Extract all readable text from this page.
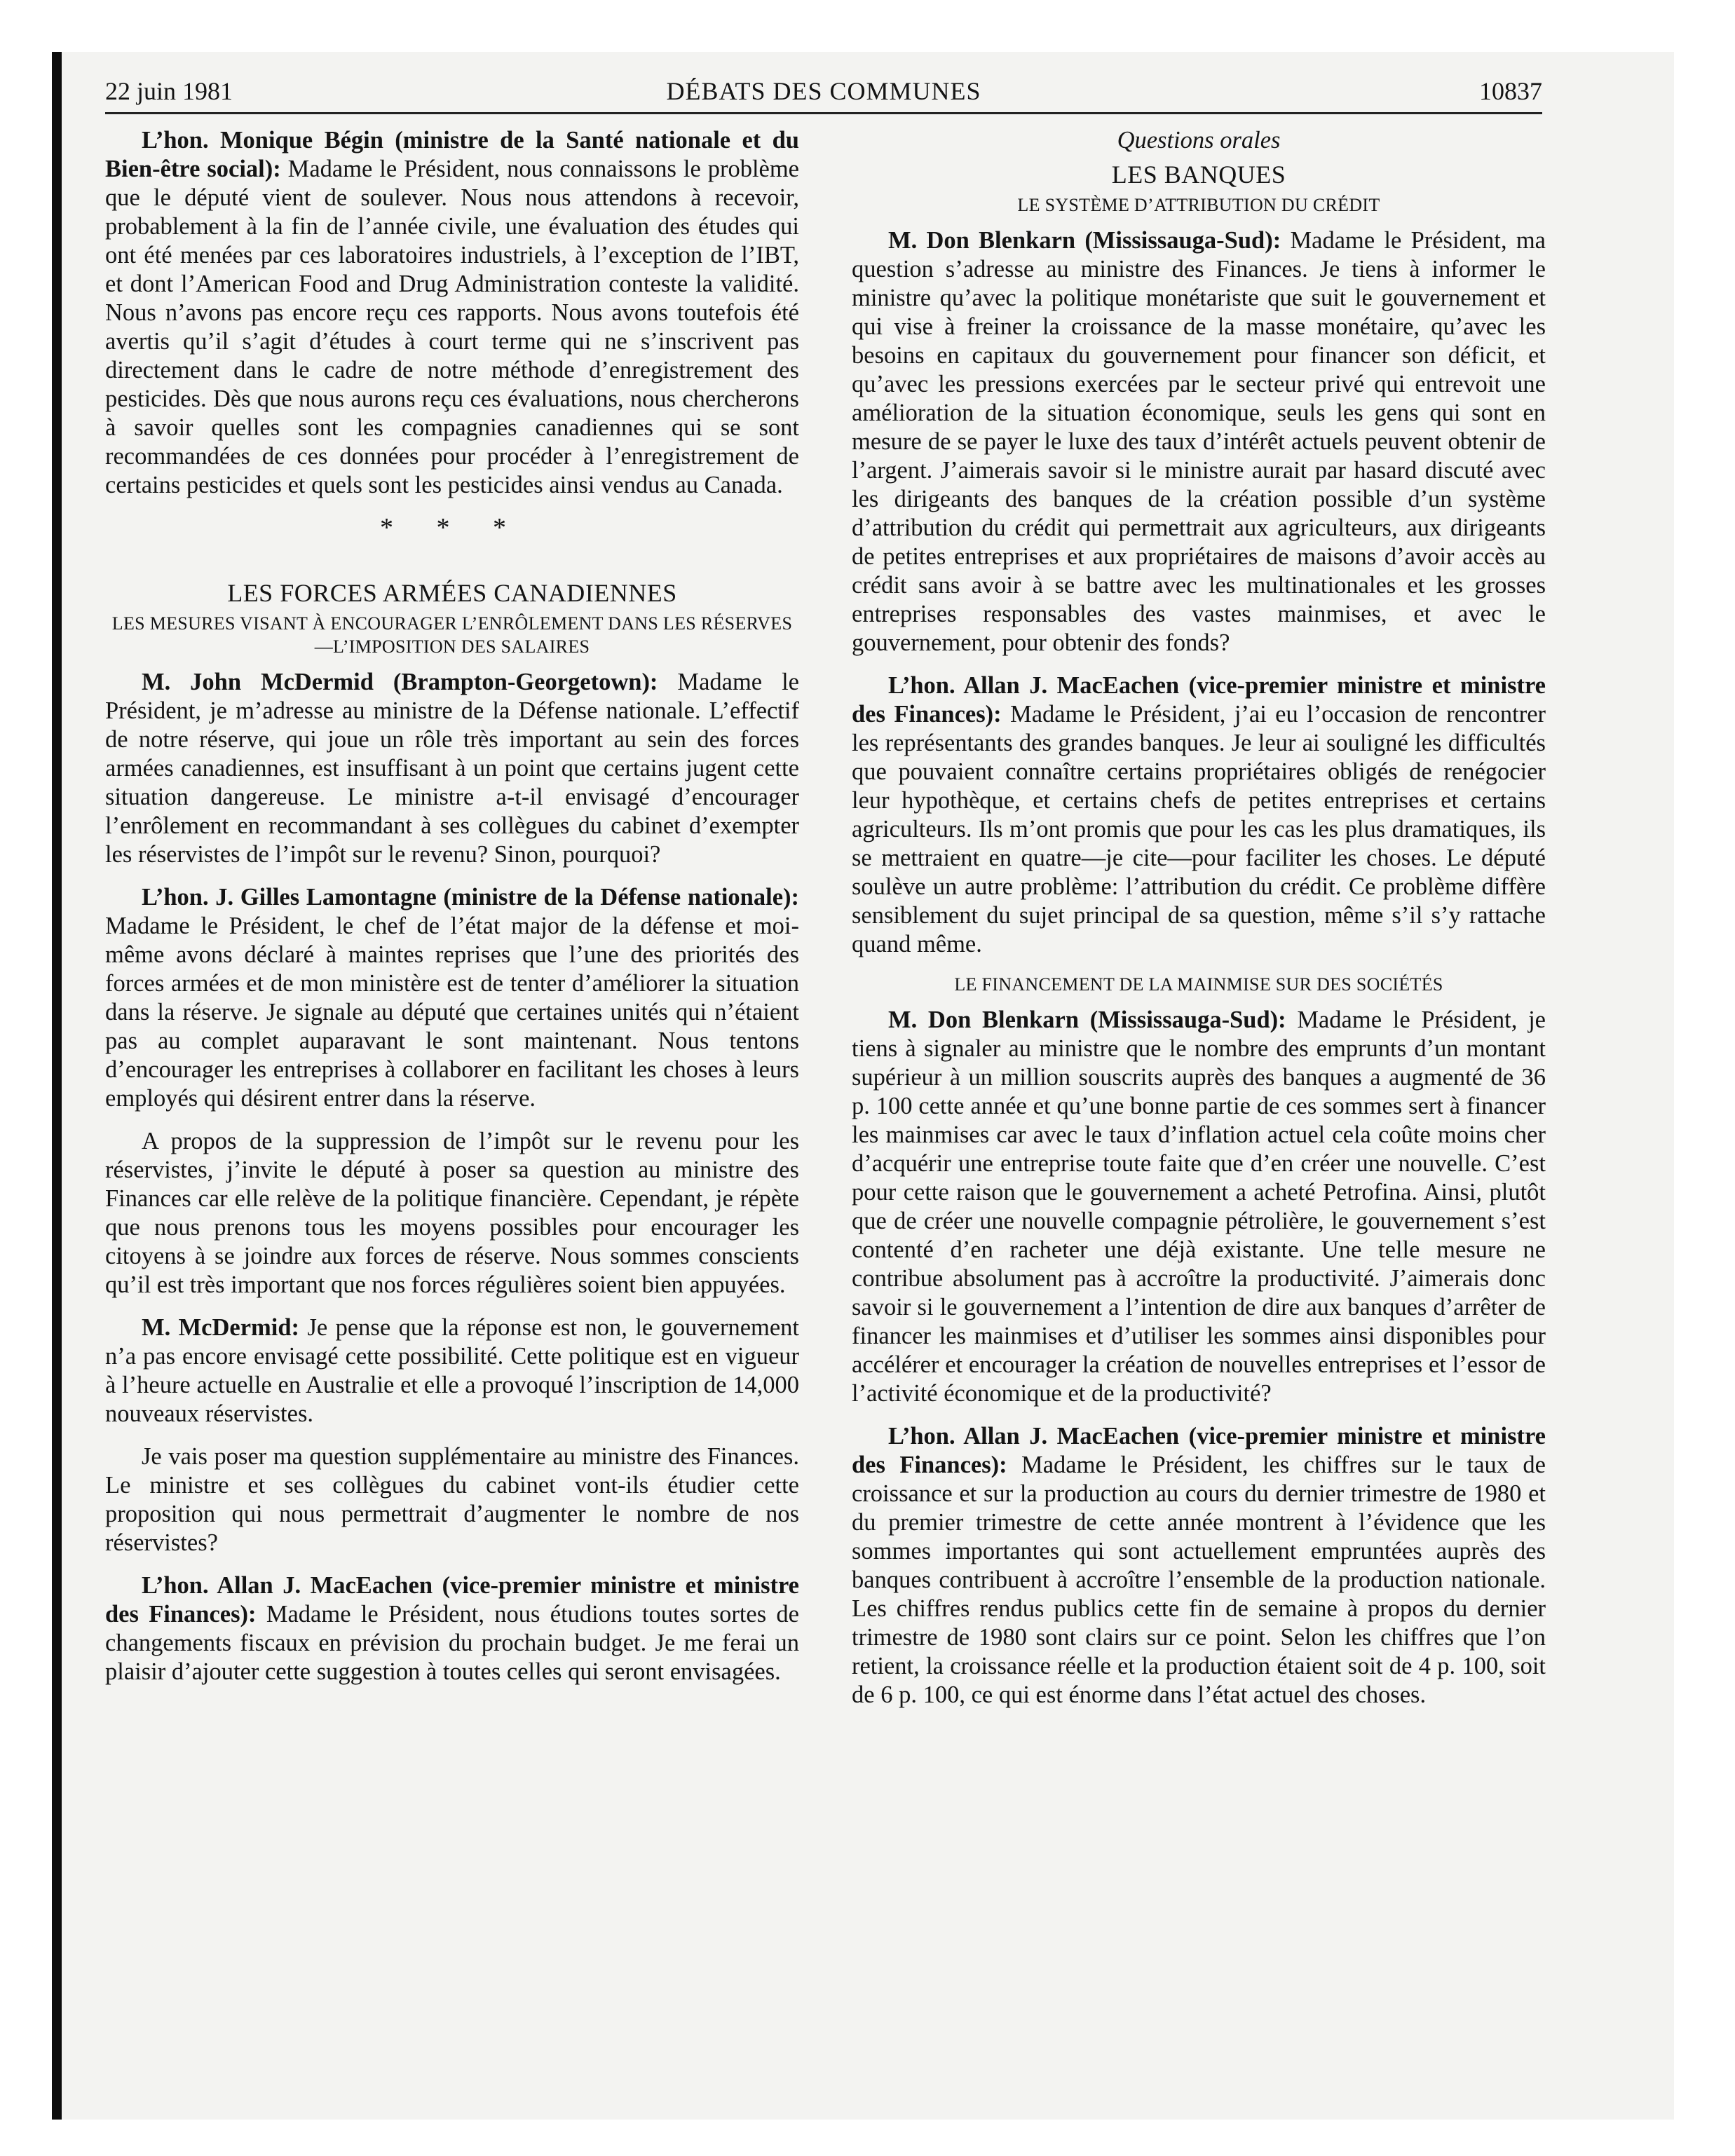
DÉBATS DES COMMUNES
22 juin 1981	10837

L’hon. Monique Bégin (ministre de la Santé nationale et du Bien-être social): Madame le Président, nous connaissons le problème que le député vient de soulever. Nous nous attendons à recevoir, probablement à la fin de l’année civile, une évaluation des études qui ont été menées par ces laboratoires industriels, à l’exception de l’IBT, et dont l’American Food and Drug Administration conteste la validité. Nous n’avons pas encore reçu ces rapports. Nous avons toutefois été avertis qu’il s’agit d’études à court terme qui ne s’inscrivent pas directement dans le cadre de notre méthode d’enregistrement des pesticides. Dès que nous aurons reçu ces évaluations, nous chercherons à savoir quelles sont les compagnies canadiennes qui se sont recommandées de ces données pour procéder à l’enregistrement de certains pesticides et quels sont les pesticides ainsi vendus au Canada.

* * *
LES FORCES ARMÉES CANADIENNES
LES MESURES VISANT À ENCOURAGER L’ENRÔLEMENT DANS LES RÉSERVES—L’IMPOSITION DES SALAIRES

M. John McDermid (Brampton-Georgetown): Madame le Président, je m’adresse au ministre de la Défense nationale. L’effectif de notre réserve, qui joue un rôle très important au sein des forces armées canadiennes, est insuffisant à un point que certains jugent cette situation dangereuse. Le ministre a-t-il envisagé d’encourager l’enrôlement en recommandant à ses collègues du cabinet d’exempter les réservistes de l’impôt sur le revenu? Sinon, pourquoi?

L’hon. J. Gilles Lamontagne (ministre de la Défense nationale): Madame le Président, le chef de l’état major de la défense et moi-même avons déclaré à maintes reprises que l’une des priorités des forces armées et de mon ministère est de tenter d’améliorer la situation dans la réserve. Je signale au député que certaines unités qui n’étaient pas au complet auparavant le sont maintenant. Nous tentons d’encourager les entreprises à collaborer en facilitant les choses à leurs employés qui désirent entrer dans la réserve.

A propos de la suppression de l’impôt sur le revenu pour les réservistes, j’invite le député à poser sa question au ministre des Finances car elle relève de la politique financière. Cependant, je répète que nous prenons tous les moyens possibles pour encourager les citoyens à se joindre aux forces de réserve. Nous sommes conscients qu’il est très important que nos forces régulières soient bien appuyées.

M. McDermid: Je pense que la réponse est non, le gouvernement n’a pas encore envisagé cette possibilité. Cette politique est en vigueur à l’heure actuelle en Australie et elle a provoqué l’inscription de 14,000 nouveaux réservistes.

Je vais poser ma question supplémentaire au ministre des Finances. Le ministre et ses collègues du cabinet vont-ils étudier cette proposition qui nous permettrait d’augmenter le nombre de nos réservistes?

L’hon. Allan J. MacEachen (vice-premier ministre et ministre des Finances): Madame le Président, nous étudions toutes sortes de changements fiscaux en prévision du prochain budget. Je me ferai un plaisir d’ajouter cette suggestion à toutes celles qui seront envisagées.

Questions orales
LES BANQUES
LE SYSTÈME D’ATTRIBUTION DU CRÉDIT

M. Don Blenkarn (Mississauga-Sud): Madame le Président, ma question s’adresse au ministre des Finances. Je tiens à informer le ministre qu’avec la politique monétariste que suit le gouvernement et qui vise à freiner la croissance de la masse monétaire, qu’avec les besoins en capitaux du gouvernement pour financer son déficit, et qu’avec les pressions exercées par le secteur privé qui entrevoit une amélioration de la situation économique, seuls les gens qui sont en mesure de se payer le luxe des taux d’intérêt actuels peuvent obtenir de l’argent. J’aimerais savoir si le ministre aurait par hasard discuté avec les dirigeants des banques de la création possible d’un système d’attribution du crédit qui permettrait aux agriculteurs, aux dirigeants de petites entreprises et aux propriétaires de maisons d’avoir accès au crédit sans avoir à se battre avec les multinationales et les grosses entreprises responsables des vastes mainmises, et avec le gouvernement, pour obtenir des fonds?

L’hon. Allan J. MacEachen (vice-premier ministre et ministre des Finances): Madame le Président, j’ai eu l’occasion de rencontrer les représentants des grandes banques. Je leur ai souligné les difficultés que pouvaient connaître certains propriétaires obligés de renégocier leur hypothèque, et certains chefs de petites entreprises et certains agriculteurs. Ils m’ont promis que pour les cas les plus dramatiques, ils se mettraient en quatre—je cite—pour faciliter les choses. Le député soulève un autre problème: l’attribution du crédit. Ce problème diffère sensiblement du sujet principal de sa question, même s’il s’y rattache quand même.

LE FINANCEMENT DE LA MAINMISE SUR DES SOCIÉTÉS

M. Don Blenkarn (Mississauga-Sud): Madame le Président, je tiens à signaler au ministre que le nombre des emprunts d’un montant supérieur à un million souscrits auprès des banques a augmenté de 36 p. 100 cette année et qu’une bonne partie de ces sommes sert à financer les mainmises car avec le taux d’inflation actuel cela coûte moins cher d’acquérir une entreprise toute faite que d’en créer une nouvelle. C’est pour cette raison que le gouvernement a acheté Petrofina. Ainsi, plutôt que de créer une nouvelle compagnie pétrolière, le gouvernement s’est contenté d’en racheter une déjà existante. Une telle mesure ne contribue absolument pas à accroître la productivité. J’aimerais donc savoir si le gouvernement a l’intention de dire aux banques d’arrêter de financer les mainmises et d’utiliser les sommes ainsi disponibles pour accélérer et encourager la création de nouvelles entreprises et l’essor de l’activité économique et de la productivité?

L’hon. Allan J. MacEachen (vice-premier ministre et ministre des Finances): Madame le Président, les chiffres sur le taux de croissance et sur la production au cours du dernier trimestre de 1980 et du premier trimestre de cette année montrent à l’évidence que les sommes importantes qui sont actuellement empruntées auprès des banques contribuent à accroître l’ensemble de la production nationale. Les chiffres rendus publics cette fin de semaine à propos du dernier trimestre de 1980 sont clairs sur ce point. Selon les chiffres que l’on retient, la croissance réelle et la production étaient soit de 4 p. 100, soit de 6 p. 100, ce qui est énorme dans l’état actuel des choses.
